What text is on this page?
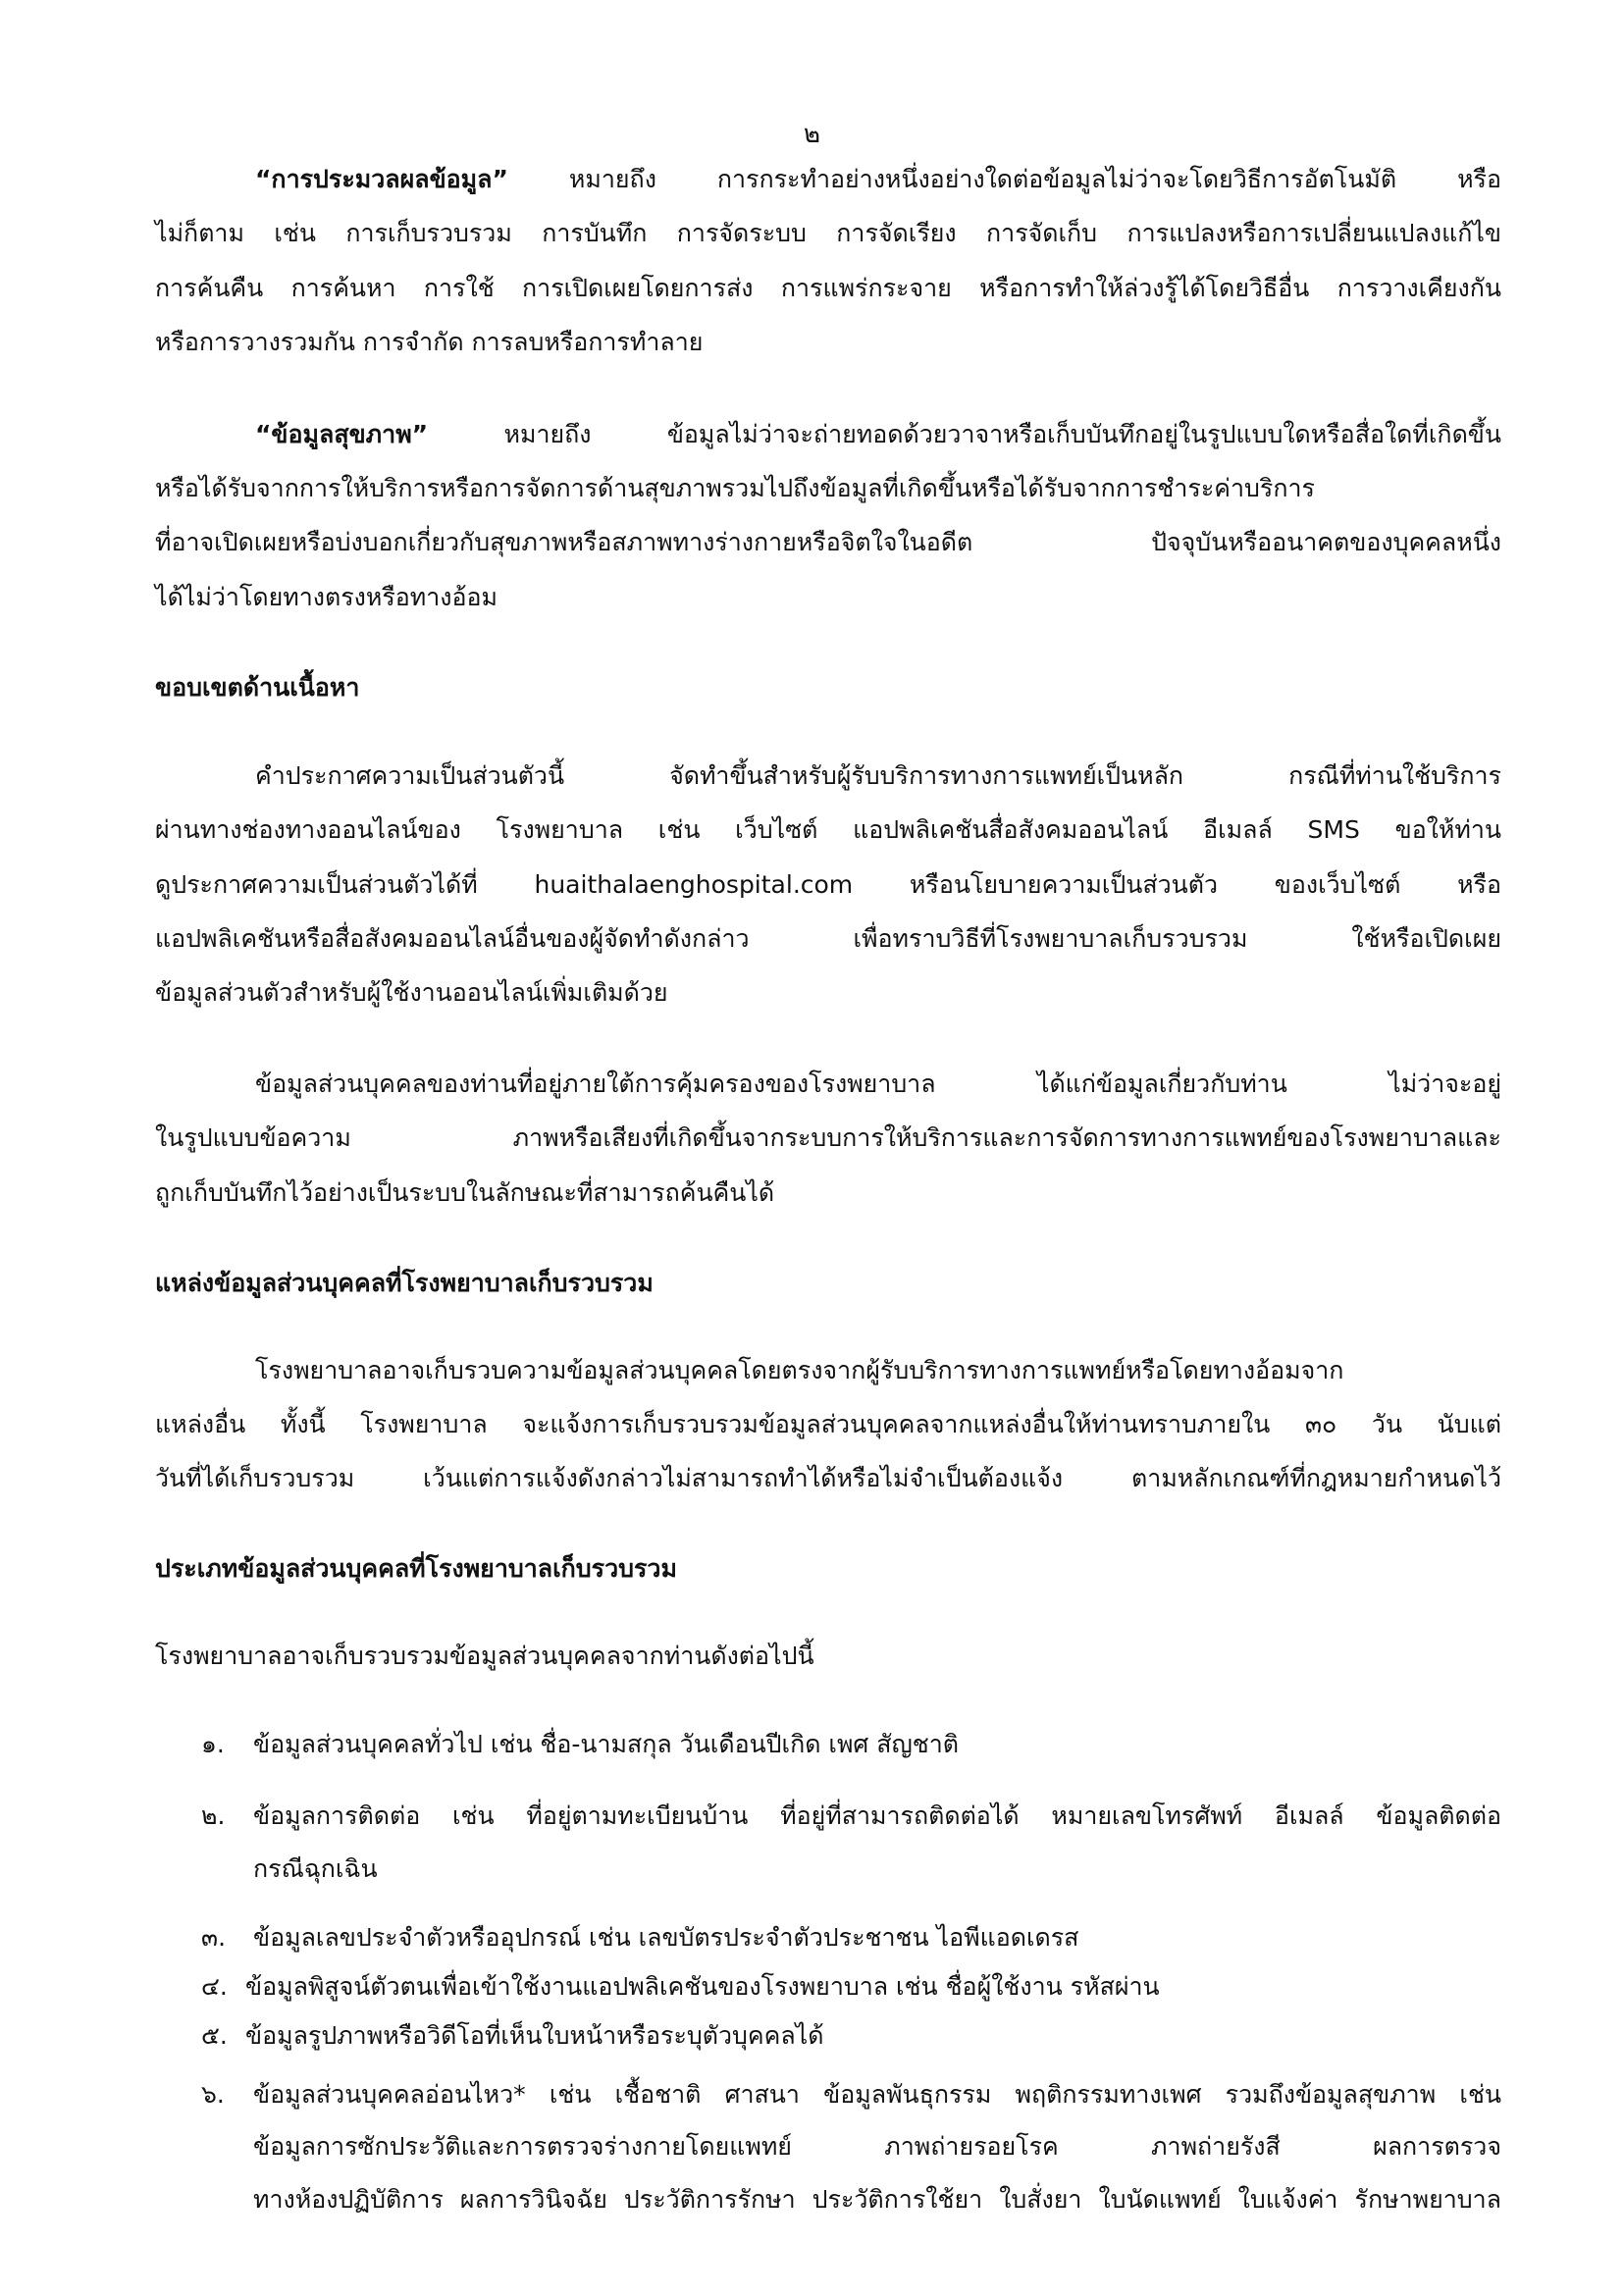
๒
“การประมวลผลข้อมูล” หมายถึง การกระทำอย่างหนึ่งอย่างใดต่อข้อมูลไม่ว่าจะโดยวิธีการอัตโนมัติ หรือ
ไม่ก็ตาม เช่น การเก็บรวบรวม การบันทึก การจัดระบบ การจัดเรียง การจัดเก็บ การแปลงหรือการเปลี่ยนแปลงแก้ไข
การค้นคืน การค้นหา การใช้ การเปิดเผยโดยการส่ง การแพร่กระจาย หรือการทำให้ล่วงรู้ได้โดยวิธีอื่น การวางเคียงกัน
หรือการวางรวมกัน การจำกัด การลบหรือการทำลาย
“ข้อมูลสุขภาพ”	หมายถึง ข้อมูลไม่ว่าจะถ่ายทอดด้วยวาจาหรือเก็บบันทึกอยู่ในรูปแบบใดหรือสื่อใดที่เกิดขึ้น
หรือได้รับจากการให้บริการหรือการจัดการด้านสุขภาพรวมไปถึงข้อมูลที่เกิดขึ้นหรือได้รับจากการชำระค่าบริการ
ที่อาจเปิดเผยหรือบ่งบอกเกี่ยวกับสุขภาพหรือสภาพทางร่างกายหรือจิตใจในอดีต ปัจจุบันหรืออนาคตของบุคคลหนึ่ง
ได้ไม่ว่าโดยทางตรงหรือทางอ้อม
ขอบเขตด้านเนื้อหา
คำประกาศความเป็นส่วนตัวนี้ จัดทำขึ้นสำหรับผู้รับบริการทางการแพทย์เป็นหลัก กรณีที่ท่านใช้บริการ
ผ่านทางช่องทางออนไลน์ของ โรงพยาบาล เช่น เว็บไซต์ แอปพลิเคชันสื่อสังคมออนไลน์ อีเมลล์ SMS ขอให้ท่าน
ดูประกาศความเป็นส่วนตัวได้ที่ huaithalaenghospital.com หรือนโยบายความเป็นส่วนตัว ของเว็บไซต์ หรือ
แอปพลิเคชันหรือสื่อสังคมออนไลน์อื่นของผู้จัดทำดังกล่าว เพื่อทราบวิธีที่โรงพยาบาลเก็บรวบรวม ใช้หรือเปิดเผย
ข้อมูลส่วนตัวสำหรับผู้ใช้งานออนไลน์เพิ่มเติมด้วย
ข้อมูลส่วนบุคคลของท่านที่อยู่ภายใต้การคุ้มครองของโรงพยาบาล ได้แก่ข้อมูลเกี่ยวกับท่าน ไม่ว่าจะอยู่
ในรูปแบบข้อความ ภาพหรือเสียงที่เกิดขึ้นจากระบบการให้บริการและการจัดการทางการแพทย์ของโรงพยาบาลและ
ถูกเก็บบันทึกไว้อย่างเป็นระบบในลักษณะที่สามารถค้นคืนได้
แหล่งข้อมูลส่วนบุคคลที่โรงพยาบาลเก็บรวบรวม
โรงพยาบาลอาจเก็บรวบความข้อมูลส่วนบุคคลโดยตรงจากผู้รับบริการทางการแพทย์หรือโดยทางอ้อมจาก
แหล่งอื่น ทั้งนี้ โรงพยาบาล จะแจ้งการเก็บรวบรวมข้อมูลส่วนบุคคลจากแหล่งอื่นให้ท่านทราบภายใน ๓๐ วัน นับแต่
วันที่ได้เก็บรวบรวม เว้นแต่การแจ้งดังกล่าวไม่สามารถทำได้หรือไม่จำเป็นต้องแจ้ง ตามหลักเกณฑ์ที่กฎหมายกำหนดไว้
ประเภทข้อมูลส่วนบุคคลที่โรงพยาบาลเก็บรวบรวม
โรงพยาบาลอาจเก็บรวบรวมข้อมูลส่วนบุคคลจากท่านดังต่อไปนี้
๑. ข้อมูลส่วนบุคคลทั่วไป เช่น ชื่อ-นามสกุล วันเดือนปีเกิด เพศ สัญชาติ
๒. ข้อมูลการติดต่อ เช่น ที่อยู่ตามทะเบียนบ้าน ที่อยู่ที่สามารถติดต่อได้ หมายเลขโทรศัพท์ อีเมลล์ ข้อมูลติดต่อ
กรณีฉุกเฉิน
๓. ข้อมูลเลขประจำตัวหรืออุปกรณ์ เช่น เลขบัตรประจำตัวประชาชน ไอพีแอดเดรส
๔. ข้อมูลพิสูจน์ตัวตนเพื่อเข้าใช้งานแอปพลิเคชันของโรงพยาบาล เช่น ชื่อผู้ใช้งาน รหัสผ่าน
๕. ข้อมูลรูปภาพหรือวิดีโอที่เห็นใบหน้าหรือระบุตัวบุคคลได้
๖. ข้อมูลส่วนบุคคลอ่อนไหว* เช่น เชื้อชาติ ศาสนา ข้อมูลพันธุกรรม พฤติกรรมทางเพศ รวมถึงข้อมูลสุขภาพ เช่น
ข้อมูลการซักประวัติและการตรวจร่างกายโดยแพทย์ ภาพถ่ายรอยโรค ภาพถ่ายรังสี ผลการตรวจ
ทางห้องปฏิบัติการ ผลการวินิจฉัย ประวัติการรักษา ประวัติการใช้ยา ใบสั่งยา ใบนัดแพทย์ ใบแจ้งค่า รักษาพยาบาล
